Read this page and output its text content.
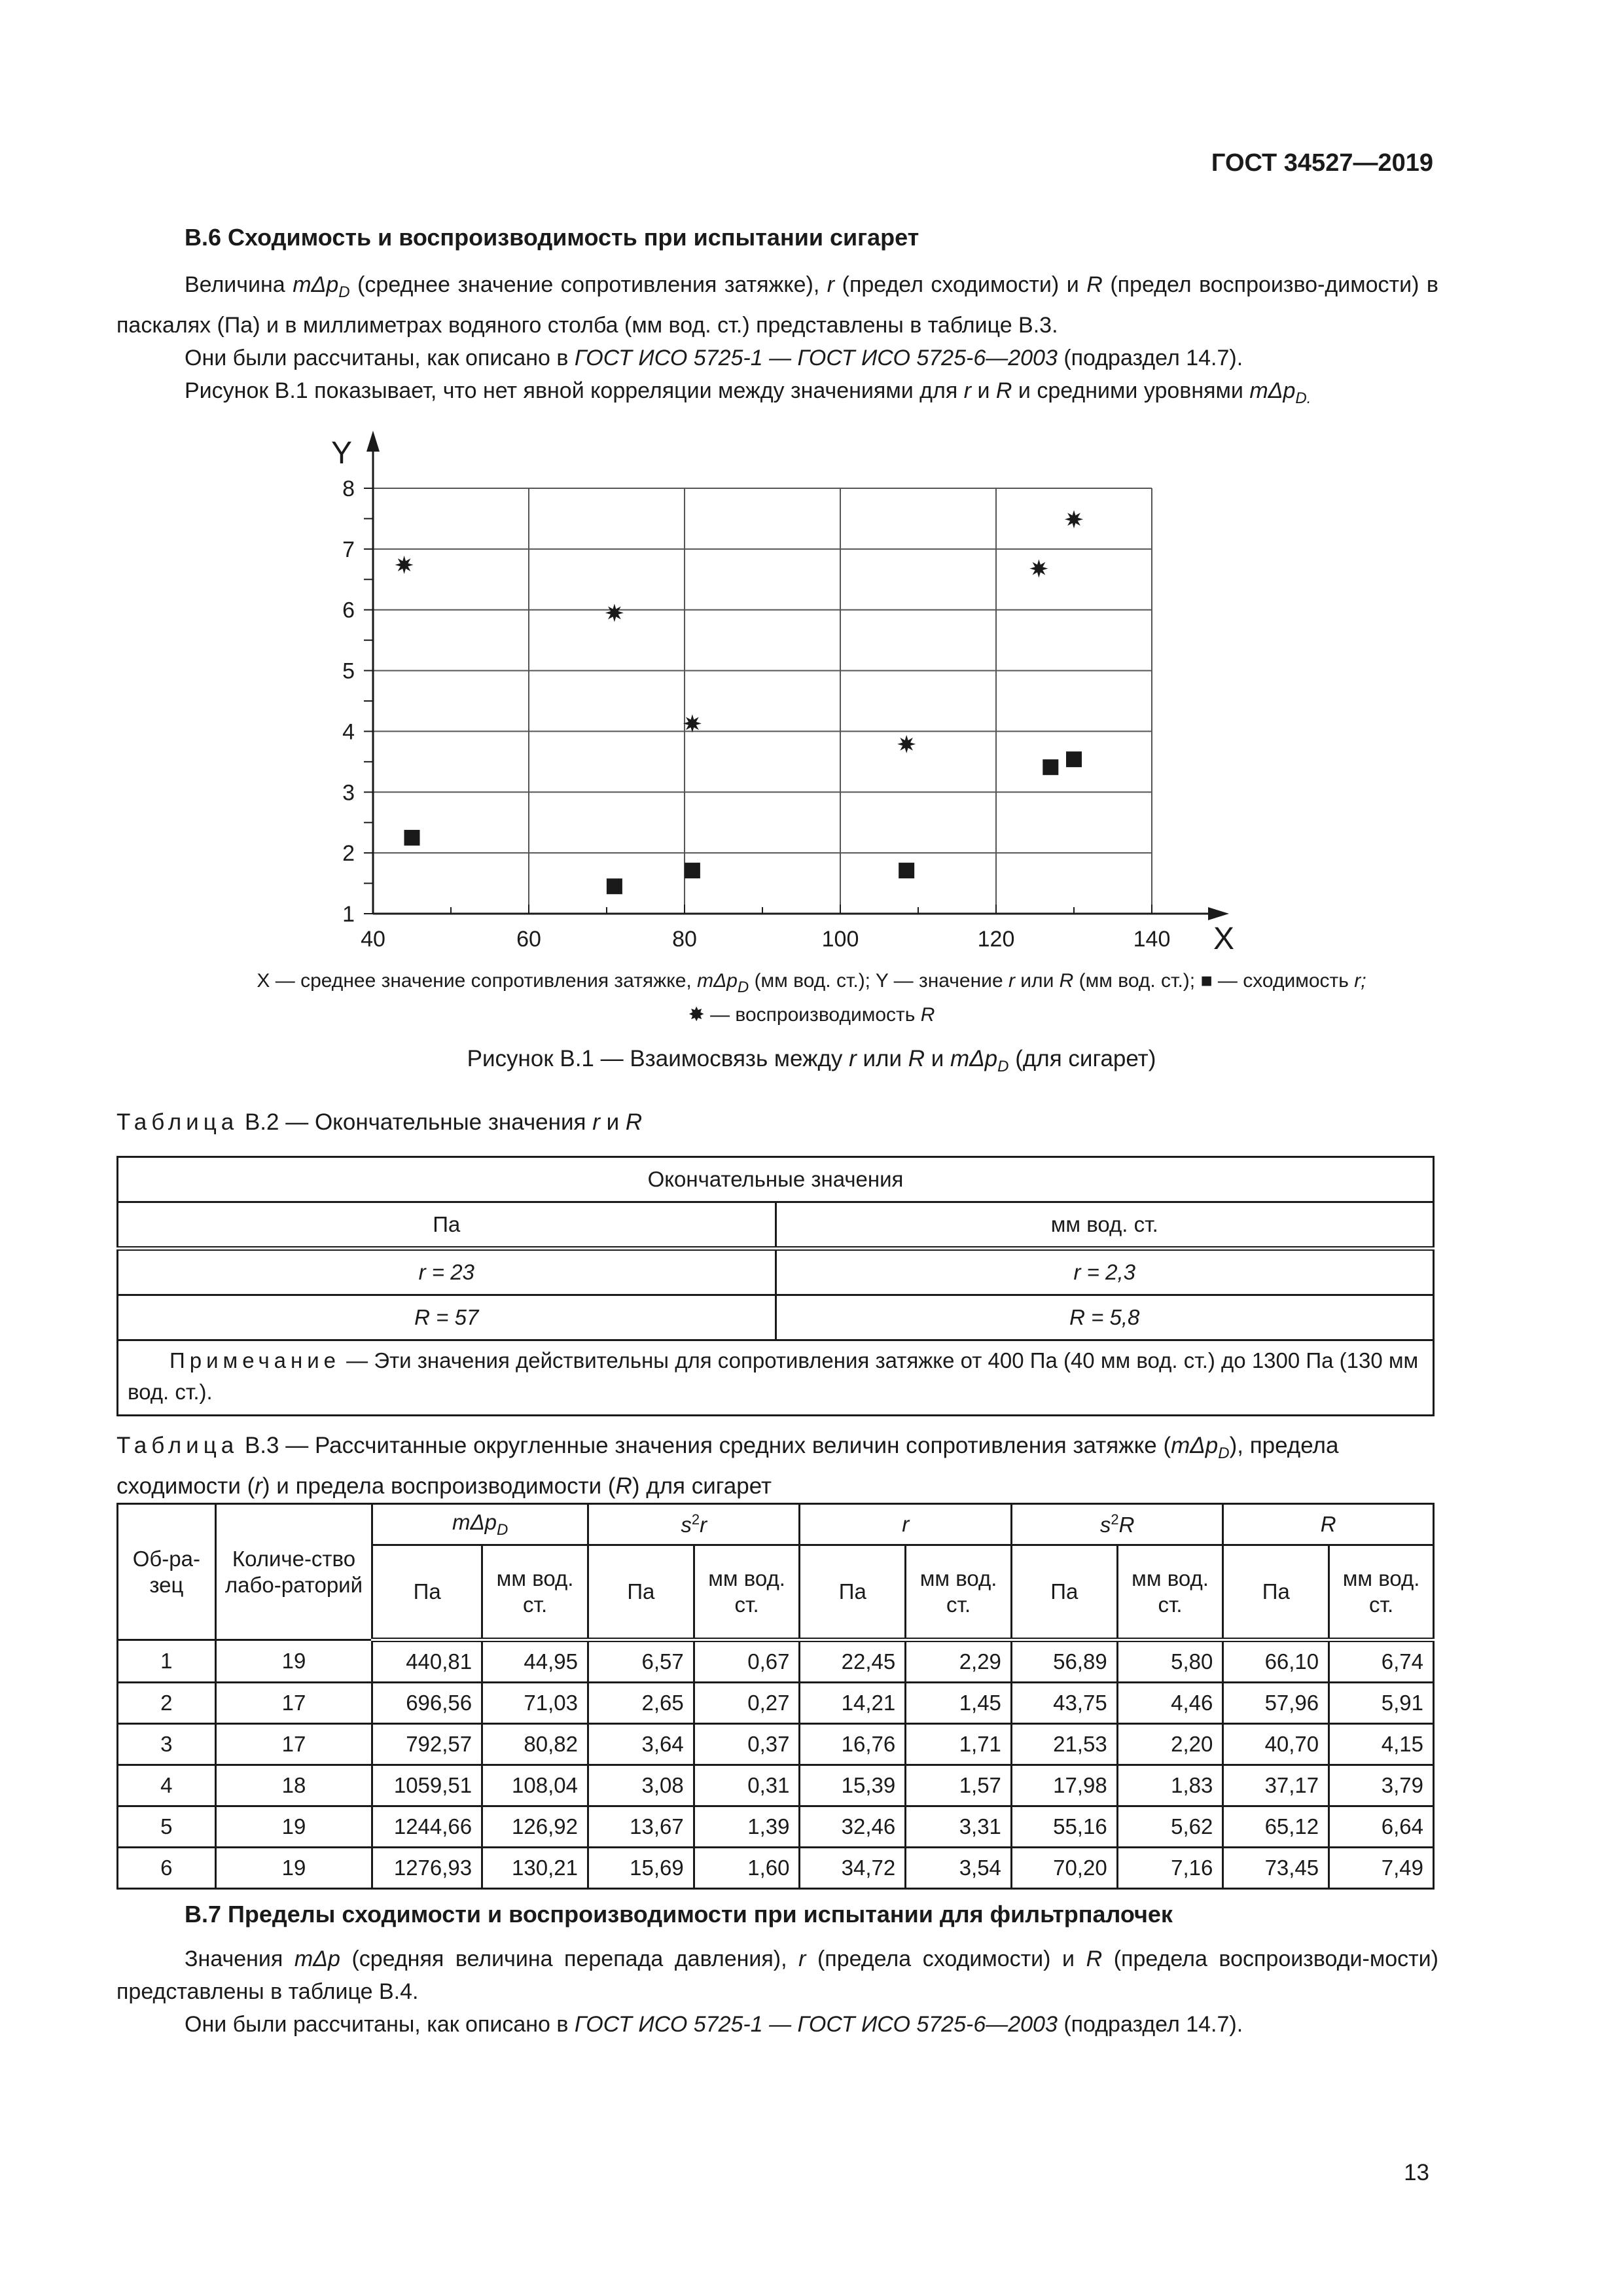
ГОСТ 34527—2019
В.6 Сходимость и воспроизводимость при испытании сигарет

Величина mΔp$_D$ (среднее значение сопротивления затяжке), r (предел сходимости) и R (предел воспроизво-димости) в паскалях (Па) и в миллиметрах водяного столба (мм вод. ст.) представлены в таблице В.3.

Они были рассчитаны, как описано в ГОСТ ИСО 5725-1 — ГОСТ ИСО 5725-6—2003 (подраздел 14.7).

Рисунок В.1 показывает, что нет явной корреляции между значениями для r и R и средними уровнями mΔp$_{D.}$

40	60	80	100	120	140
1
2
3
4
5
6
7
8
X
Y
X — среднее значение сопротивления затяжке, mΔp$_D$ (мм вод. ст.); Y — значение r или R (мм вод. ст.); ■ — сходимость r;
✸ — воспроизводимость R
Рисунок В.1 — Взаимосвязь между r или R и mΔp$_D$ (для сигарет)
Таблица В.2 — Окончательные значения r и R
Окончательные значения	
Па	мм вод. ст.
r = 23	r = 2,3
R = 57	R = 5,8
Примечание — Эти значения действительны для сопротивления затяжке от 400 Па (40 мм вод. ст.) до 1300 Па (130 мм вод. ст.).	
Таблица В.3 — Рассчитанные округленные значения средних величин сопротивления затяжке (mΔp$_D$), предела сходимости (r) и предела воспроизводимости (R) для сигарет
Об-ра-зец	Количе-ство лабо-раторий	mΔp$_D$		$s^2r$		r		$s^2R$		R	
		Па	мм вод. ст.	Па	мм вод. ст.	Па	мм вод. ст.	Па	мм вод. ст.	Па	мм вод. ст.
1	19	440,81	44,95	6,57	0,67	22,45	2,29	56,89	5,80	66,10	6,74
2	17	696,56	71,03	2,65	0,27	14,21	1,45	43,75	4,46	57,96	5,91
3	17	792,57	80,82	3,64	0,37	16,76	1,71	21,53	2,20	40,70	4,15
4	18	1059,51	108,04	3,08	0,31	15,39	1,57	17,98	1,83	37,17	3,79
5	19	1244,66	126,92	13,67	1,39	32,46	3,31	55,16	5,62	65,12	6,64
6	19	1276,93	130,21	15,69	1,60	34,72	3,54	70,20	7,16	73,45	7,49
В.7 Пределы сходимости и воспроизводимости при испытании для фильтрпалочек

Значения mΔp (средняя величина перепада давления), r (предела сходимости) и R (предела воспроизводи-мости) представлены в таблице В.4.

Они были рассчитаны, как описано в ГОСТ ИСО 5725-1 — ГОСТ ИСО 5725-6—2003 (подраздел 14.7).

13
